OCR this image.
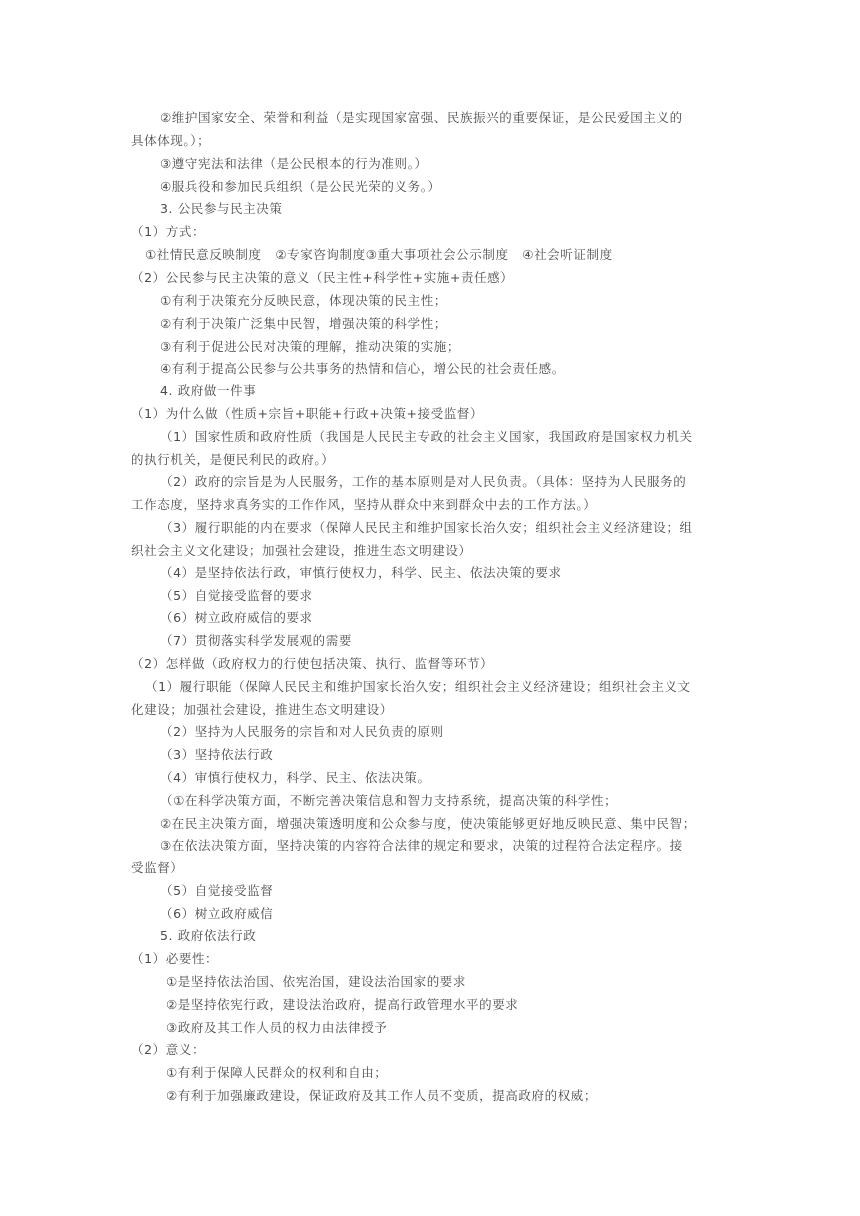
②维护国家安全、荣誉和利益（是实现国家富强、民族振兴的重要保证，是公民爱国主义的
具体体现。）；
③遵守宪法和法律（是公民根本的行为准则。）
④服兵役和参加民兵组织（是公民光荣的义务。）
3. 公民参与民主决策
（1）方式：
①社情民意反映制度   ②专家咨询制度③重大事项社会公示制度   ④社会听证制度
（2）公民参与民主决策的意义（民主性+科学性+实施+责任感）
①有利于决策充分反映民意，体现决策的民主性；
②有利于决策广泛集中民智，增强决策的科学性；
③有利于促进公民对决策的理解，推动决策的实施；
④有利于提高公民参与公共事务的热情和信心，增公民的社会责任感。
4. 政府做一件事
（1）为什么做（性质+宗旨+职能+行政+决策+接受监督）
（1）国家性质和政府性质（我国是人民民主专政的社会主义国家，我国政府是国家权力机关
的执行机关，是便民利民的政府。）
（2）政府的宗旨是为人民服务，工作的基本原则是对人民负责。（具体：坚持为人民服务的
工作态度，坚持求真务实的工作作风，坚持从群众中来到群众中去的工作方法。）
（3）履行职能的内在要求（保障人民民主和维护国家长治久安；组织社会主义经济建设；组
织社会主义文化建设；加强社会建设，推进生态文明建设）
（4）是坚持依法行政，审慎行使权力，科学、民主、依法决策的要求
（5）自觉接受监督的要求
（6）树立政府威信的要求
（7）贯彻落实科学发展观的需要
（2）怎样做（政府权力的行使包括决策、执行、监督等环节）
（1）履行职能（保障人民民主和维护国家长治久安；组织社会主义经济建设；组织社会主义文
化建设；加强社会建设，推进生态文明建设）
（2）坚持为人民服务的宗旨和对人民负责的原则
（3）坚持依法行政
（4）审慎行使权力，科学、民主、依法决策。
（①在科学决策方面，不断完善决策信息和智力支持系统，提高决策的科学性；
②在民主决策方面，增强决策透明度和公众参与度，使决策能够更好地反映民意、集中民智；
③在依法决策方面，坚持决策的内容符合法律的规定和要求，决策的过程符合法定程序。接
受监督）
（5）自觉接受监督
（6）树立政府威信
5. 政府依法行政
（1）必要性：
①是坚持依法治国、依宪治国，建设法治国家的要求
②是坚持依宪行政，建设法治政府，提高行政管理水平的要求
③政府及其工作人员的权力由法律授予
（2）意义：
①有利于保障人民群众的权利和自由；
②有利于加强廉政建设，保证政府及其工作人员不变质，提高政府的权威；
